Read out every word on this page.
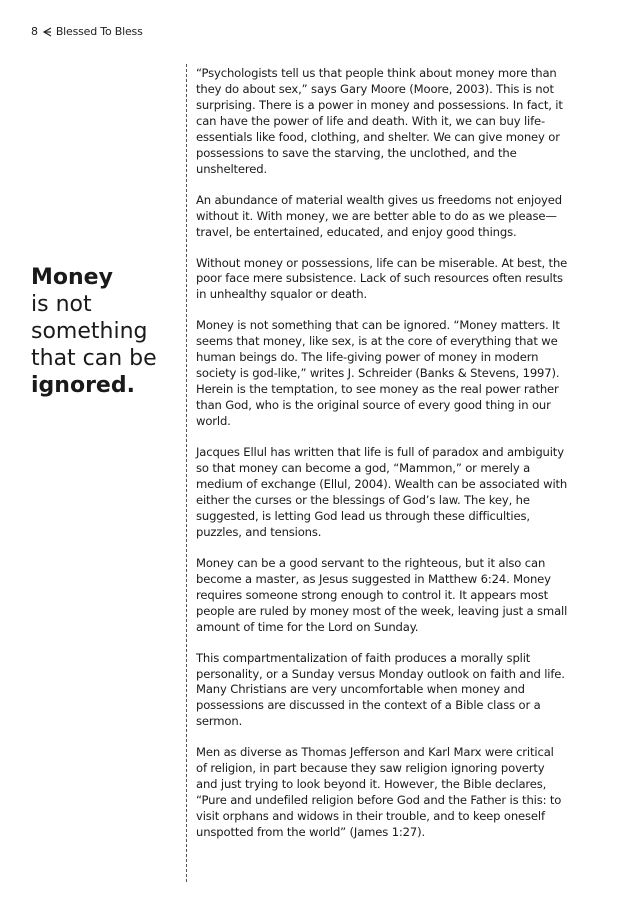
8 Blessed To Bless
Money
is not
something
that can be
ignored.

“Psychologists tell us that people think about money more than they do about sex,” says Gary Moore (Moore, 2003). This is not surprising. There is a power in money and possessions. In fact, it can have the power of life and death. With it, we can buy life-essentials like food, clothing, and shelter. We can give money or possessions to save the starving, the unclothed, and the unsheltered.

An abundance of material wealth gives us freedoms not enjoyed without it. With money, we are better able to do as we please— travel, be entertained, educated, and enjoy good things.

Without money or possessions, life can be miserable. At best, the poor face mere subsistence. Lack of such resources often results in unhealthy squalor or death.

Money is not something that can be ignored. “Money matters. It seems that money, like sex, is at the core of everything that we human beings do. The life-giving power of money in modern society is god-like,” writes J. Schreider (Banks & Stevens, 1997). Herein is the temptation, to see money as the real power rather than God, who is the original source of every good thing in our world.

Jacques Ellul has written that life is full of paradox and ambiguity so that money can become a god, “Mammon,” or merely a medium of exchange (Ellul, 2004). Wealth can be associated with either the curses or the blessings of God’s law. The key, he suggested, is letting God lead us through these difficulties, puzzles, and tensions.

Money can be a good servant to the righteous, but it also can become a master, as Jesus suggested in Matthew 6:24. Money requires someone strong enough to control it. It appears most people are ruled by money most of the week, leaving just a small amount of time for the Lord on Sunday.

This compartmentalization of faith produces a morally split personality, or a Sunday versus Monday outlook on faith and life. Many Christians are very uncomfortable when money and possessions are discussed in the context of a Bible class or a sermon.

Men as diverse as Thomas Jefferson and Karl Marx were critical of religion, in part because they saw religion ignoring poverty and just trying to look beyond it. However, the Bible declares, “Pure and undefiled religion before God and the Father is this: to visit orphans and widows in their trouble, and to keep oneself unspotted from the world” (James 1:27).
